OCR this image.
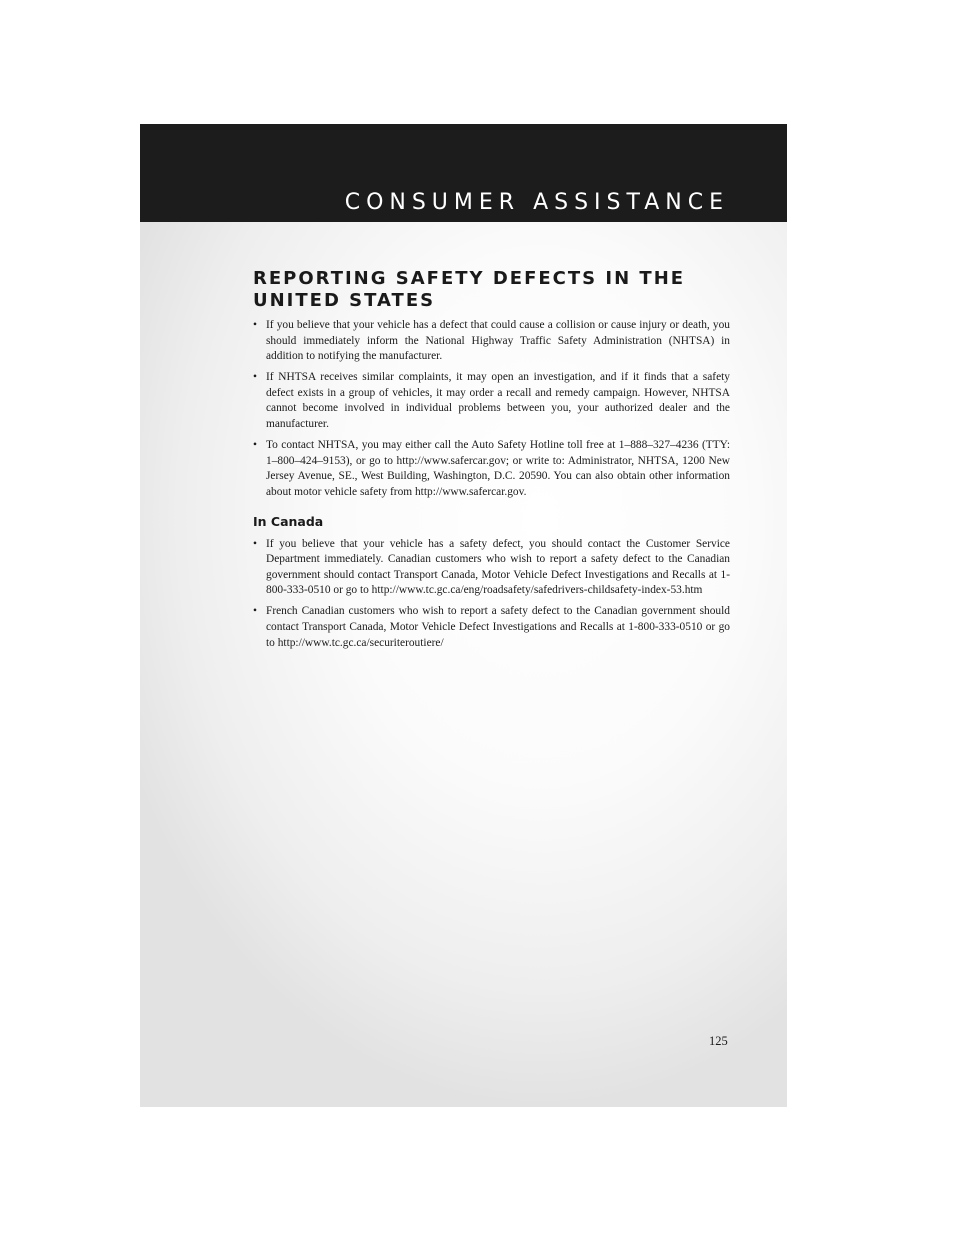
CONSUMER ASSISTANCE
REPORTING SAFETY DEFECTS IN THE UNITED STATES
• If you believe that your vehicle has a defect that could cause a collision or cause injury or death, you should immediately inform the National Highway Traffic Safety Administration (NHTSA) in addition to notifying the manufacturer.
• If NHTSA receives similar complaints, it may open an investigation, and if it finds that a safety defect exists in a group of vehicles, it may order a recall and remedy campaign. However, NHTSA cannot become involved in individual problems between you, your authorized dealer and the manufacturer.
• To contact NHTSA, you may either call the Auto Safety Hotline toll free at 1–888–327–4236 (TTY: 1–800–424–9153), or go to http://www.safercar.gov; or write to: Administrator, NHTSA, 1200 New Jersey Avenue, SE., West Building, Washington, D.C. 20590. You can also obtain other information about motor vehicle safety from http://www.safercar.gov.
In Canada
• If you believe that your vehicle has a safety defect, you should contact the Customer Service Department immediately. Canadian customers who wish to report a safety defect to the Canadian government should contact Transport Canada, Motor Vehicle Defect Investigations and Recalls at 1-800-333-0510 or go to http://www.tc.gc.ca/eng/roadsafety/safedrivers-childsafety-index-53.htm
• French Canadian customers who wish to report a safety defect to the Canadian government should contact Transport Canada, Motor Vehicle Defect Investigations and Recalls at 1-800-333-0510 or go to http://www.tc.gc.ca/securiteroutiere/
125
